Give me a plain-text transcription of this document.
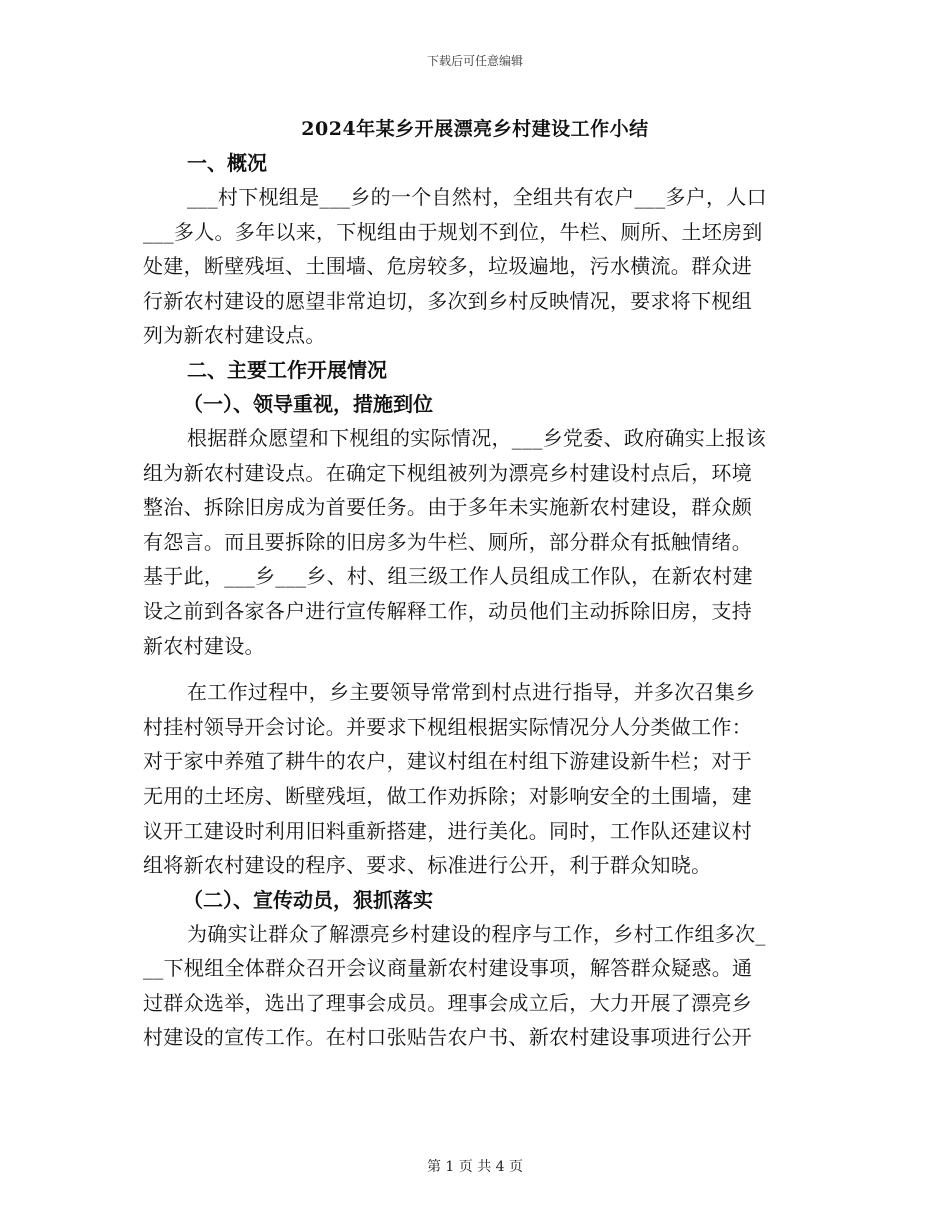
下载后可任意编辑
2024年某乡开展漂亮乡村建设工作小结
一、概况
___村下枧组是___乡的一个自然村，全组共有农户___多户，人口
___多人。多年以来，下枧组由于规划不到位，牛栏、厕所、土坯房到
处建，断壁残垣、土围墙、危房较多，垃圾遍地，污水横流。群众进
行新农村建设的愿望非常迫切，多次到乡村反映情况，要求将下枧组
列为新农村建设点。
二、主要工作开展情况
（一）、领导重视，措施到位
根据群众愿望和下枧组的实际情况，___乡党委、政府确实上报该
组为新农村建设点。在确定下枧组被列为漂亮乡村建设村点后，环境
整治、拆除旧房成为首要任务。由于多年未实施新农村建设，群众颇
有怨言。而且要拆除的旧房多为牛栏、厕所，部分群众有抵触情绪。
基于此，___乡___乡、村、组三级工作人员组成工作队，在新农村建
设之前到各家各户进行宣传解释工作，动员他们主动拆除旧房，支持
新农村建设。
在工作过程中，乡主要领导常常到村点进行指导，并多次召集乡
村挂村领导开会讨论。并要求下枧组根据实际情况分人分类做工作：
对于家中养殖了耕牛的农户，建议村组在村组下游建设新牛栏；对于
无用的土坯房、断壁残垣，做工作劝拆除；对影响安全的土围墙，建
议开工建设时利用旧料重新搭建，进行美化。同时，工作队还建议村
组将新农村建设的程序、要求、标准进行公开，利于群众知晓。
（二）、宣传动员，狠抓落实
为确实让群众了解漂亮乡村建设的程序与工作，乡村工作组多次_
__下枧组全体群众召开会议商量新农村建设事项，解答群众疑惑。通
过群众选举，选出了理事会成员。理事会成立后，大力开展了漂亮乡
村建设的宣传工作。在村口张贴告农户书、新农村建设事项进行公开
第 1 页 共 4 页
